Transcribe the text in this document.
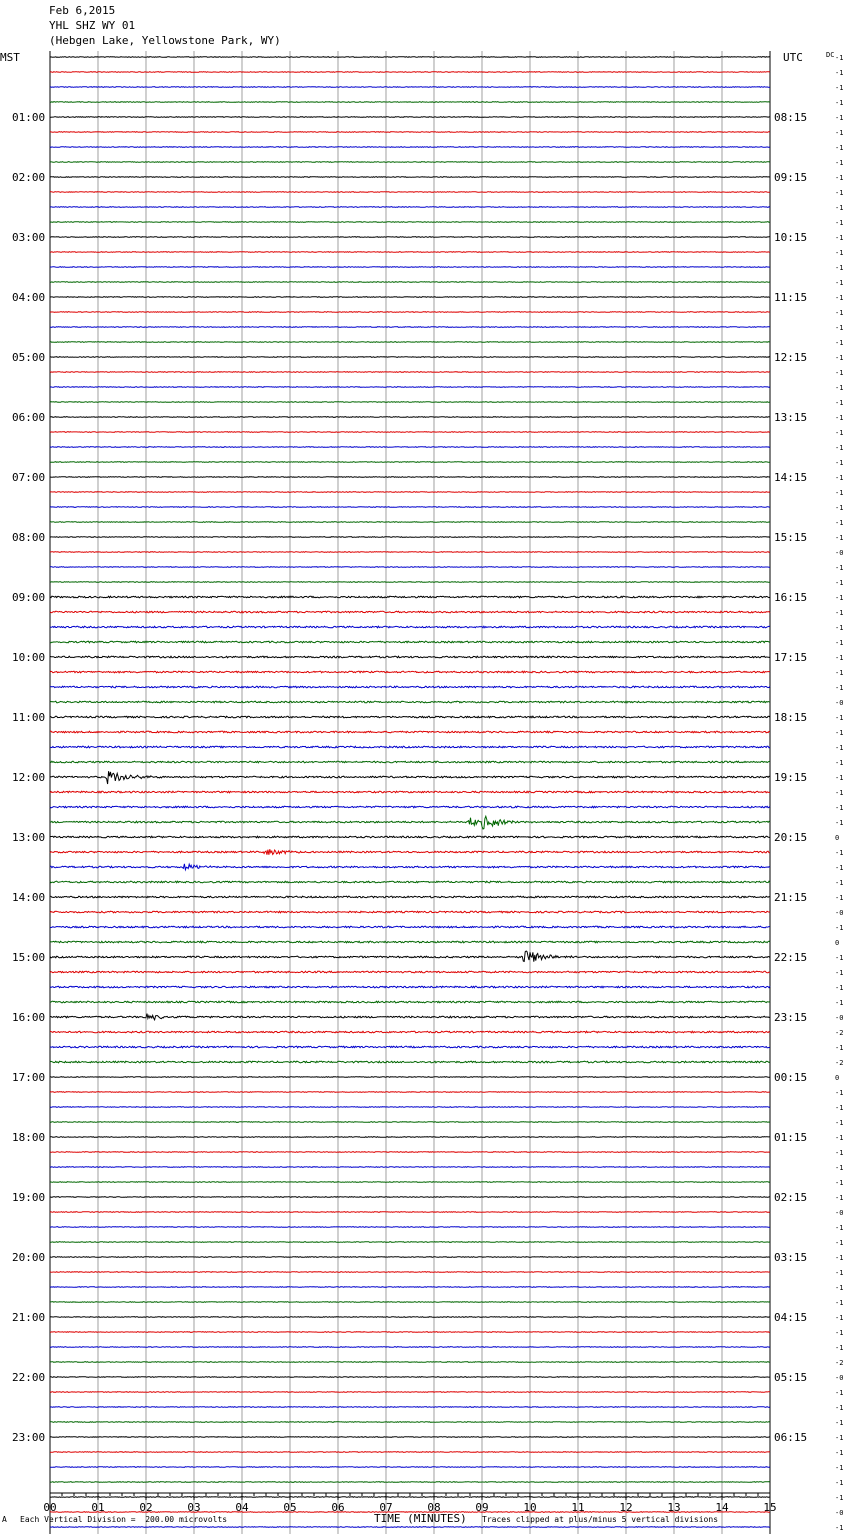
Feb 6,2015
YHL SHZ WY 01
(Hebgen Lake, Yellowstone Park, WY)
-1
-1
-1
-1
-1
-1
-1
-1
-1
-1
-1
-1
-1
-1
-1
-1
-1
-1
-1
-1
-1
-1
-1
-1
-1
-1
-1
-1
-1
-1
-1
-1
-1
-0
-1
-1
-1
-1
-1
-1
-1
-1
-1
-0
-1
-1
-1
-1
-1
-1
-1
-1
0
-1
-1
-1
-1
-0
-1
0
-1
-1
-1
-1
-0
-2
-1
-2
0
-1
-1
-1
-1
-1
-1
-1
-1
-0
-1
-1
-1
-1
-1
-1
-1
-1
-1
-2
-0
-1
-1
-1
-1
-1
-1
-1
-1
-0
-1
00	01	02	03	04	05	06	07	08	09	10	11	12	13	14	15
MST	UTC	DC
TIME (MINUTES)
01:00	08:15
02:00	09:15
03:00	10:15
04:00	11:15
05:00	12:15
06:00	13:15
07:00	14:15
08:00	15:15
09:00	16:15
10:00	17:15
11:00	18:15
12:00	19:15
13:00	20:15
14:00	21:15
15:00	22:15
16:00	23:15
17:00	00:15
18:00	01:15
19:00	02:15
20:00	03:15
21:00	04:15
22:00	05:15
23:00	06:15
A Each Vertical Division =  200.00 microvolts	Traces clipped at plus/minus 5 vertical divisions
